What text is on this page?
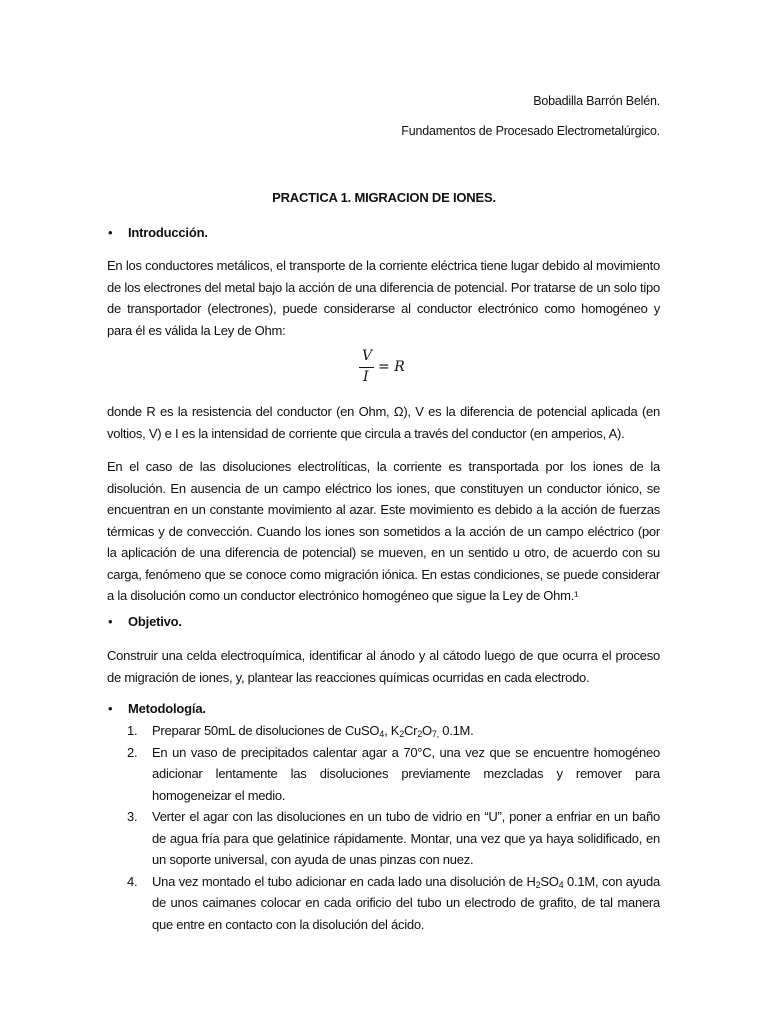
Bobadilla Barrón Belén.
Fundamentos de Procesado Electrometalúrgico.
PRACTICA 1. MIGRACION DE IONES.
• Introducción.
En los conductores metálicos, el transporte de la corriente eléctrica tiene lugar debido al movimiento de los electrones del metal bajo la acción de una diferencia de potencial. Por tratarse de un solo tipo de transportador (electrones), puede considerarse al conductor electrónico como homogéneo y para él es válida la Ley de Ohm:
V
I
= R
donde R es la resistencia del conductor (en Ohm, Ω), V es la diferencia de potencial aplicada (en voltios, V) e I es la intensidad de corriente que circula a través del conductor (en amperios, A).
En el caso de las disoluciones electrolíticas, la corriente es transportada por los iones de la disolución. En ausencia de un campo eléctrico los iones, que constituyen un conductor iónico, se encuentran en un constante movimiento al azar. Este movimiento es debido a la acción de fuerzas térmicas y de convección. Cuando los iones son sometidos a la acción de un campo eléctrico (por la aplicación de una diferencia de potencial) se mueven, en un sentido u otro, de acuerdo con su carga, fenómeno que se conoce como migración iónica. En estas condiciones, se puede considerar a la disolución como un conductor electrónico homogéneo que sigue la Ley de Ohm.¹
• Objetivo.
Construir una celda electroquímica, identificar al ánodo y al cátodo luego de que ocurra el proceso de migración de iones, y, plantear las reacciones químicas ocurridas en cada electrodo.
• Metodología.
1. Preparar 50mL de disoluciones de CuSO$_4$, $K_2Cr_2O_{7,}$ 0.1M.
2. En un vaso de precipitados calentar agar a 70°C, una vez que se encuentre homogéneo adicionar lentamente las disoluciones previamente mezcladas y remover para homogeneizar el medio.
3. Verter el agar con las disoluciones en un tubo de vidrio en “U”, poner a enfriar en un baño de agua fría para que gelatinice rápidamente. Montar, una vez que ya haya solidificado, en un soporte universal, con ayuda de unas pinzas con nuez.
4. Una vez montado el tubo adicionar en cada lado una disolución de $H_2SO_4$ 0.1M, con ayuda de unos caimanes colocar en cada orificio del tubo un electrodo de grafito, de tal manera que entre en contacto con la disolución del ácido.
